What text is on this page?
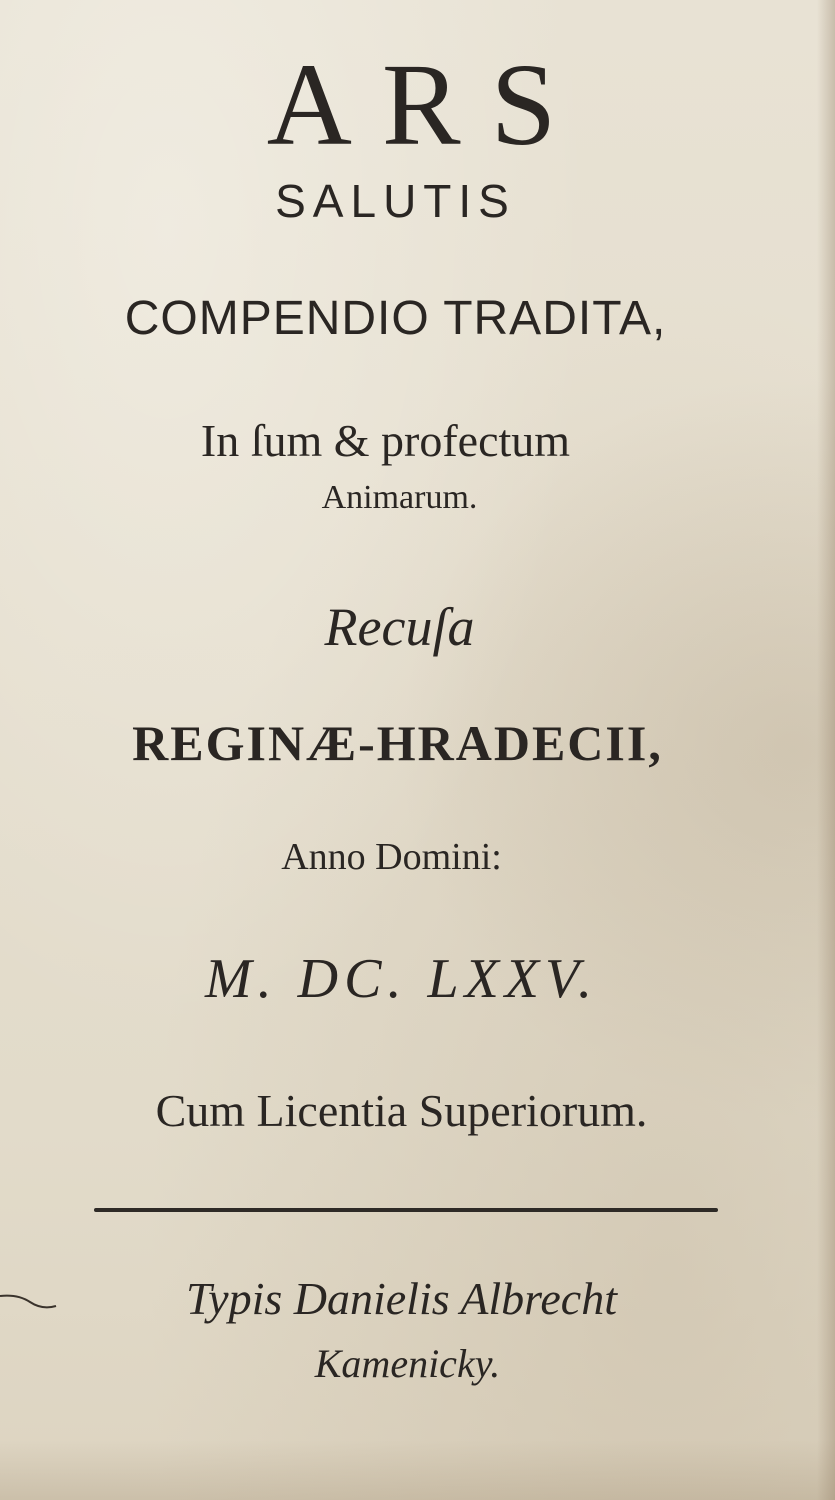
ARS
SALUTIS
COMPENDIO TRADITA,
In ſum & profectum
Animarum.
Recuſa
REGINÆ-HRADECII,
Anno Domini:
M. DC. LXXV.
Cum Licentia Superiorum.
Typis Danielis Albrecht
Kamenicky.
